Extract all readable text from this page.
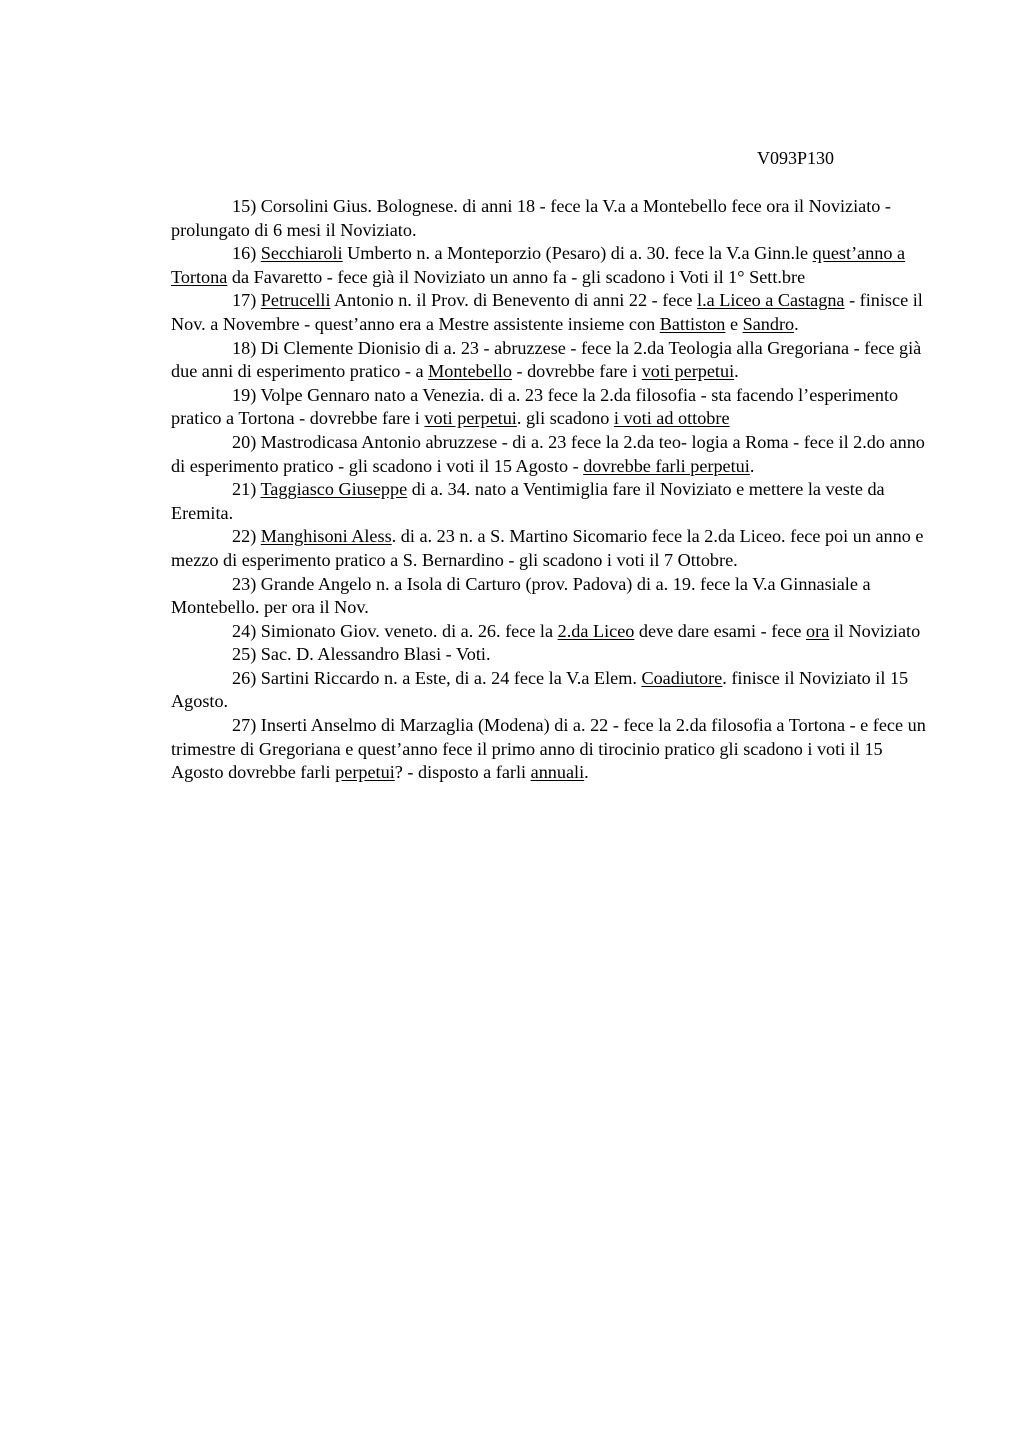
V093P130

15) Corsolini Gius. Bolognese. di anni 18 - fece la V.a a Montebello fece ora il Noviziato - prolungato di 6 mesi il Noviziato.

16) Secchiaroli Umberto n. a Monteporzio (Pesaro) di a. 30. fece la V.a Ginn.le quest’anno a Tortona da Favaretto - fece già il Noviziato un anno fa - gli scadono i Voti il 1° Sett.bre

17) Petrucelli Antonio n. il Prov. di Benevento di anni 22 - fece l.a Liceo a Castagna - finisce il Nov. a Novembre - quest’anno era a Mestre assistente insieme con Battiston e Sandro.

18) Di Clemente Dionisio di a. 23 - abruzzese - fece la 2.da Teologia alla Gregoriana - fece già due anni di esperimento pratico - a Montebello - dovrebbe fare i voti perpetui.

19) Volpe Gennaro nato a Venezia. di a. 23 fece la 2.da filosofia - sta facendo l’esperimento pratico a Tortona - dovrebbe fare i voti perpetui. gli scadono i voti ad ottobre

20) Mastrodicasa Antonio abruzzese - di a. 23 fece la 2.da teo- logia a Roma - fece il 2.do anno di esperimento pratico - gli scadono i voti il 15 Agosto - dovrebbe farli perpetui.

21) Taggiasco Giuseppe di a. 34. nato a Ventimiglia fare il Noviziato e mettere la veste da Eremita.

22) Manghisoni Aless. di a. 23 n. a S. Martino Sicomario fece la 2.da Liceo. fece poi un anno e mezzo di esperimento pratico a S. Bernardino - gli scadono i voti il 7 Ottobre.

23) Grande Angelo n. a Isola di Carturo (prov. Padova) di a. 19. fece la V.a Ginnasiale a Montebello. per ora il Nov.

24) Simionato Giov. veneto. di a. 26. fece la 2.da Liceo deve dare esami - fece ora il Noviziato

25) Sac. D. Alessandro Blasi - Voti.

26) Sartini Riccardo n. a Este, di a. 24 fece la V.a Elem. Coadiutore. finisce il Noviziato il 15 Agosto.

27) Inserti Anselmo di Marzaglia (Modena) di a. 22 - fece la 2.da filosofia a Tortona - e fece un trimestre di Gregoriana e quest’anno fece il primo anno di tirocinio pratico gli scadono i voti il 15 Agosto dovrebbe farli perpetui? - disposto a farli annuali.
